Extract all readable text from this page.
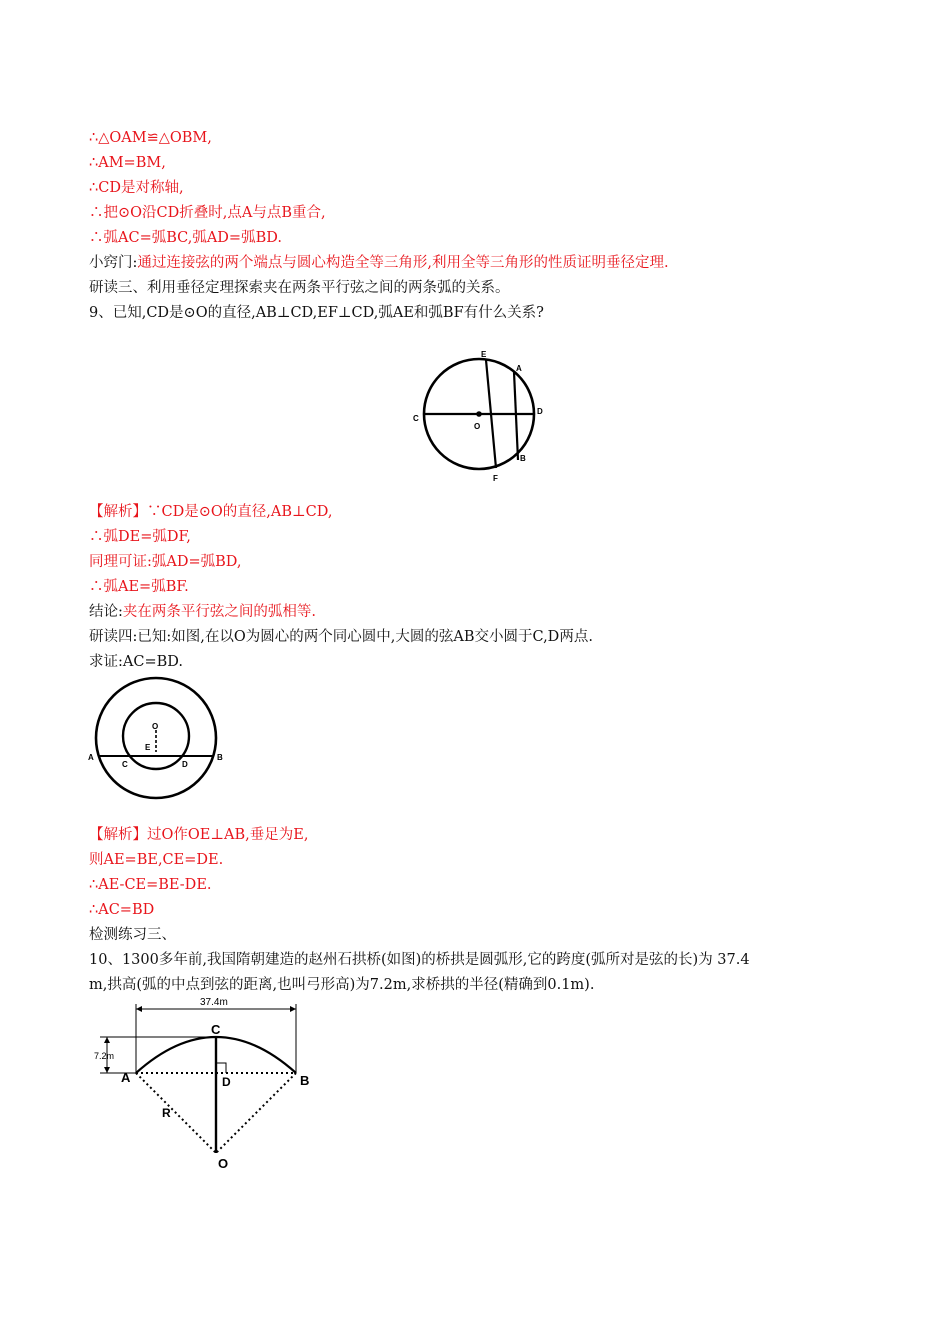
∴△OAM≌△OBM,
∴AM=BM,
∴CD是对称轴,
∴把⊙O沿CD折叠时,点A与点B重合,
∴弧AC=弧BC,弧AD=弧BD.
小窍门:通过连接弦的两个端点与圆心构造全等三角形,利用全等三角形的性质证明垂径定理.
研读三、利用垂径定理探索夹在两条平行弦之间的两条弧的关系。
9、已知,CD是⊙O的直径,AB⊥CD,EF⊥CD,弧AE和弧BF有什么关系?
E
A
C
O
D
B
F
【解析】∵CD是⊙O的直径,AB⊥CD,
∴弧DE=弧DF,
同理可证:弧AD=弧BD,
∴弧AE=弧BF.
结论:夹在两条平行弦之间的弧相等.
研读四:已知:如图,在以O为圆心的两个同心圆中,大圆的弦AB交小圆于C,D两点.
求证:AC=BD.
O
E
A
C	D
B
【解析】过O作OE⊥AB,垂足为E,
则AE=BE,CE=DE.
∴AE-CE=BE-DE.
∴AC=BD
检测练习三、
10、1300多年前,我国隋朝建造的赵州石拱桥(如图)的桥拱是圆弧形,它的跨度(弧所对是弦的长)为 37.4
m,拱高(弧的中点到弦的距离,也叫弓形高)为7.2m,求桥拱的半径(精确到0.1m).
37.4m
7.2m
C
A	D	B
R
O
